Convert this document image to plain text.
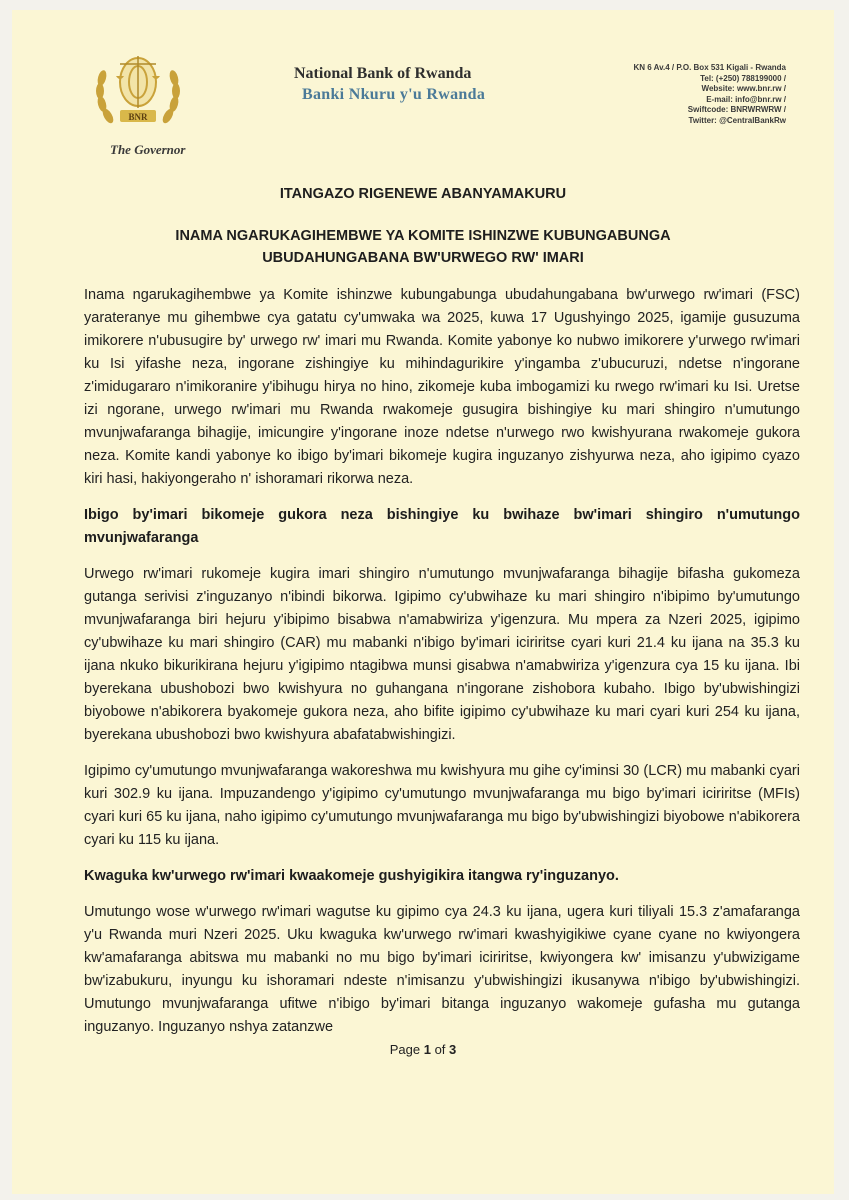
BNR
The Governor
National Bank of Rwanda
Banki Nkuru y'u Rwanda
KN 6 Av.4 / P.O. Box 531 Kigali - Rwanda
Tel: (+250) 788199000 /
Website: www.bnr.rw /
E-mail: info@bnr.rw /
Swiftcode: BNRWRWRW /
Twitter: @CentralBankRw
ITANGAZO RIGENEWE ABANYAMAKURU
INAMA NGARUKAGIHEMBWE YA KOMITE ISHINZWE KUBUNGABUNGA
UBUDAHUNGABANA BW'URWEGO RW' IMARI

Inama ngarukagihembwe ya Komite ishinzwe kubungabunga ubudahungabana bw'urwego rw'imari (FSC) yarateranye mu gihembwe cya gatatu cy'umwaka wa 2025, kuwa 17 Ugushyingo 2025, igamije gusuzuma imikorere n'ubusugire by' urwego rw' imari mu Rwanda. Komite yabonye ko nubwo imikorere y'urwego rw'imari ku Isi yifashe neza, ingorane zishingiye ku mihindagurikire y'ingamba z'ubucuruzi, ndetse n'ingorane z'imidugararo n'imikoranire y'ibihugu hirya no hino, zikomeje kuba imbogamizi ku rwego rw'imari ku Isi. Uretse izi ngorane, urwego rw'imari mu Rwanda rwakomeje gusugira bishingiye ku mari shingiro n'umutungo mvunjwafaranga bihagije, imicungire y'ingorane inoze ndetse n'urwego rwo kwishyurana rwakomeje gukora neza. Komite kandi yabonye ko ibigo by'imari bikomeje kugira inguzanyo zishyurwa neza, aho igipimo cyazo kiri hasi, hakiyongeraho n' ishoramari rikorwa neza.

Ibigo by'imari bikomeje gukora neza bishingiye ku bwihaze bw'imari shingiro n'umutungo mvunjwafaranga

Urwego rw'imari rukomeje kugira imari shingiro n'umutungo mvunjwafaranga bihagije bifasha gukomeza gutanga serivisi z'inguzanyo n'ibindi bikorwa. Igipimo cy'ubwihaze ku mari shingiro n'ibipimo by'umutungo mvunjwafaranga biri hejuru y'ibipimo bisabwa n'amabwiriza y'igenzura. Mu mpera za Nzeri 2025, igipimo cy'ubwihaze ku mari shingiro (CAR) mu mabanki n'ibigo by'imari iciriritse cyari kuri 21.4 ku ijana na 35.3 ku ijana nkuko bikurikirana hejuru y'igipimo ntagibwa munsi gisabwa n'amabwiriza y'igenzura cya 15 ku ijana. Ibi byerekana ubushobozi bwo kwishyura no guhangana n'ingorane zishobora kubaho. Ibigo by'ubwishingizi biyobowe n'abikorera byakomeje gukora neza, aho bifite igipimo cy'ubwihaze ku mari cyari kuri 254 ku ijana, byerekana ubushobozi bwo kwishyura abafatabwishingizi.

Igipimo cy'umutungo mvunjwafaranga wakoreshwa mu kwishyura mu gihe cy'iminsi 30 (LCR) mu mabanki cyari kuri 302.9 ku ijana. Impuzandengo y'igipimo cy'umutungo mvunjwafaranga mu bigo by'imari iciriritse (MFIs) cyari kuri 65 ku ijana, naho igipimo cy'umutungo mvunjwafaranga mu bigo by'ubwishingizi biyobowe n'abikorera cyari ku 115 ku ijana.

Kwaguka kw'urwego rw'imari kwaakomeje gushyigikira itangwa ry'inguzanyo.

Umutungo wose w'urwego rw'imari wagutse ku gipimo cya 24.3 ku ijana, ugera kuri tiliyali 15.3 z'amafaranga y'u Rwanda muri Nzeri 2025. Uku kwaguka kw'urwego rw'imari kwashyigikiwe cyane cyane no kwiyongera kw'amafaranga abitswa mu mabanki no mu bigo by'imari iciriritse, kwiyongera kw' imisanzu y'ubwizigame bw'izabukuru, inyungu ku ishoramari ndeste n'imisanzu y'ubwishingizi ikusanywa n'ibigo by'ubwishingizi. Umutungo mvunjwafaranga ufitwe n'ibigo by'imari bitanga inguzanyo wakomeje gufasha mu gutanga inguzanyo. Inguzanyo nshya zatanzwe

Page 1 of 3
